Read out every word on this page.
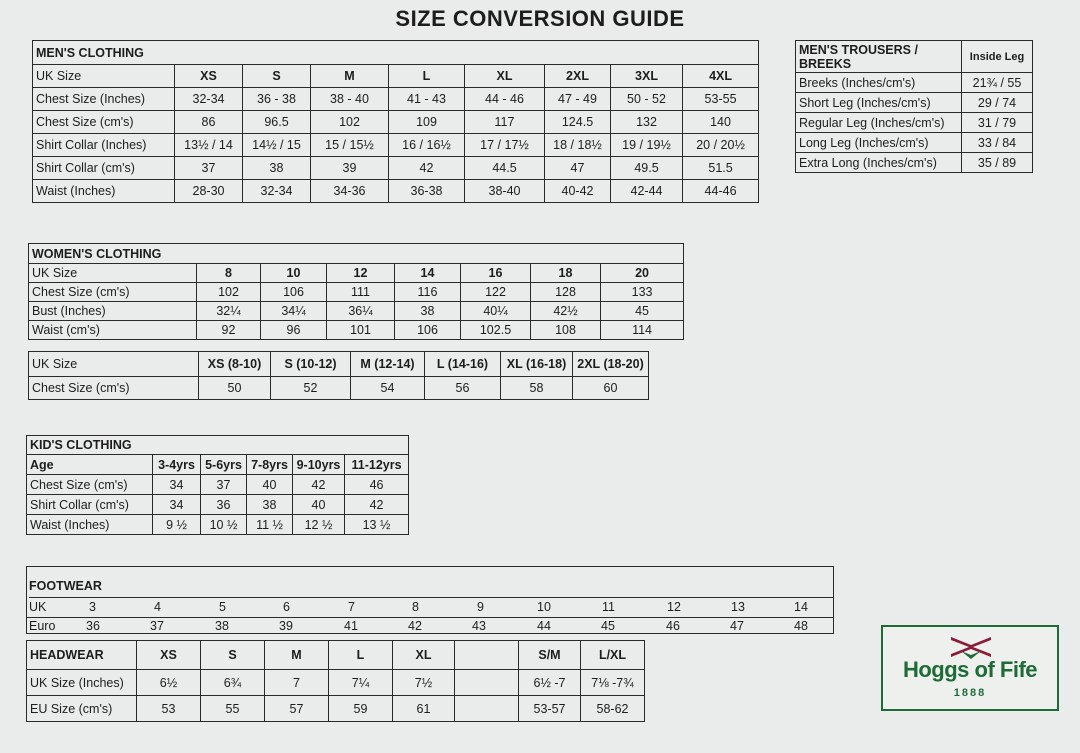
SIZE CONVERSION GUIDE
MEN'S CLOTHING								
UK Size	XS	S	M	L	XL	2XL	3XL	4XL
Chest Size (Inches)	32-34	36 - 38	38 - 40	41 - 43	44 - 46	47 - 49	50 - 52	53-55
Chest Size (cm's)	86	96.5	102	109	117	124.5	132	140
Shirt Collar (Inches)	13½ / 14	14½ / 15	15 / 15½	16 / 16½	17 / 17½	18 / 18½	19 / 19½	20 / 20½
Shirt Collar (cm's)	37	38	39	42	44.5	47	49.5	51.5
Waist (Inches)	28-30	32-34	34-36	36-38	38-40	40-42	42-44	44-46
MEN'S TROUSERS / BREEKS	Inside Leg
Breeks (Inches/cm's)	21¾ / 55
Short Leg (Inches/cm's)	29 / 74
Regular Leg (Inches/cm's)	31 / 79
Long Leg (Inches/cm's)	33 / 84
Extra Long (Inches/cm's)	35 / 89
WOMEN'S CLOTHING							
UK Size	8	10	12	14	16	18	20
Chest Size (cm's)	102	106	111	116	122	128	133
Bust (Inches)	32¼	34¼	36¼	38	40¼	42½	45
Waist (cm's)	92	96	101	106	102.5	108	114
UK Size	XS (8-10)	S (10-12)	M (12-14)	L (14-16)	XL (16-18)	2XL (18-20)
Chest Size (cm's)	50	52	54	56	58	60
KID'S CLOTHING					
Age	3-4yrs	5-6yrs	7-8yrs	9-10yrs	11-12yrs
Chest Size (cm's)	34	37	40	42	46
Shirt Collar (cm's)	34	36	38	40	42
Waist (Inches)	9 ½	10 ½	11 ½	12 ½	13 ½
FOOTWEAR
UK	3	4	5	6	7	8	9	10	11	12	13	14
Euro 36	37	38	39	41	42	43	44	45	46	47	48
HEADWEAR	XS	S	M	L	XL		S/M	L/XL
UK Size (Inches)	6½	6¾	7	7¼	7½		6½ -7	7⅛ -7¾
EU Size (cm's)	53	55	57	59	61		53-57	58-62
Hoggs of Fife
1888
